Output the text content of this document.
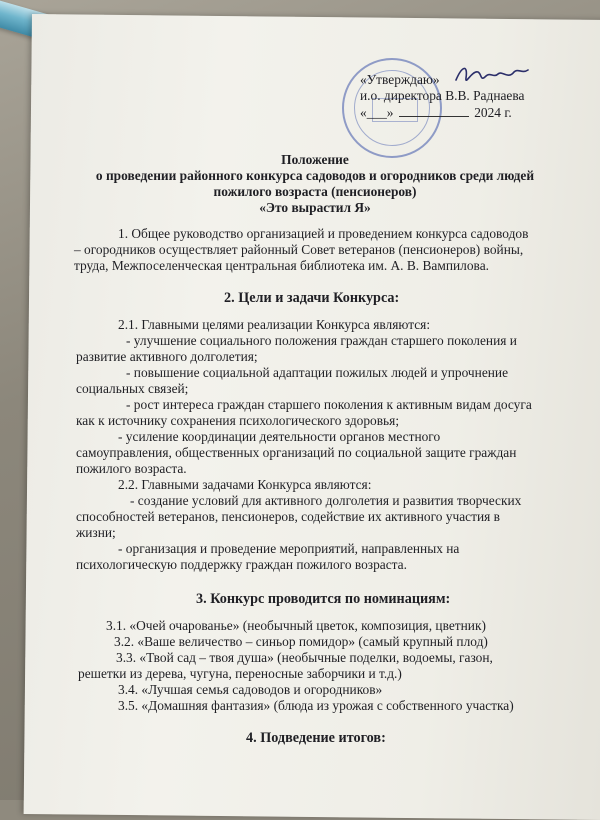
«Утверждаю»
и.о. директора В.В. Раднаева
«___»	2024 г.
Положение
о проведении районного конкурса садоводов и огородников среди людей
пожилого возраста (пенсионеров)
«Это вырастил Я»
1. Общее руководство организацией и проведением конкурса садоводов
– огородников осуществляет районный Совет ветеранов (пенсионеров) войны,
труда, Межпоселенческая центральная библиотека им. А. В. Вампилова.
2. Цели и задачи Конкурса:
2.1. Главными целями реализации Конкурса являются:
- улучшение социального положения граждан старшего поколения и
развитие активного долголетия;
- повышение социальной адаптации пожилых людей и упрочнение
социальных связей;
- рост интереса граждан старшего поколения к активным видам досуга
как к источнику сохранения психологического здоровья;
- усиление координации деятельности органов местного
самоуправления, общественных организаций по социальной защите граждан
пожилого возраста.
2.2. Главными задачами Конкурса являются:
- создание условий для активного долголетия и развития творческих
способностей ветеранов, пенсионеров, содействие их активного участия в
жизни;
- организация и проведение мероприятий, направленных на
психологическую поддержку граждан пожилого возраста.
3. Конкурс проводится по номинациям:
3.1. «Очей очарованье» (необычный цветок, композиция, цветник)
3.2. «Ваше величество – синьор помидор» (самый крупный плод)
3.3. «Твой сад – твоя душа» (необычные поделки, водоемы, газон,
решетки из дерева, чугуна, переносные заборчики и т.д.)
3.4. «Лучшая семья садоводов и огородников»
3.5. «Домашняя фантазия» (блюда из урожая с собственного участка)
4. Подведение итогов:
